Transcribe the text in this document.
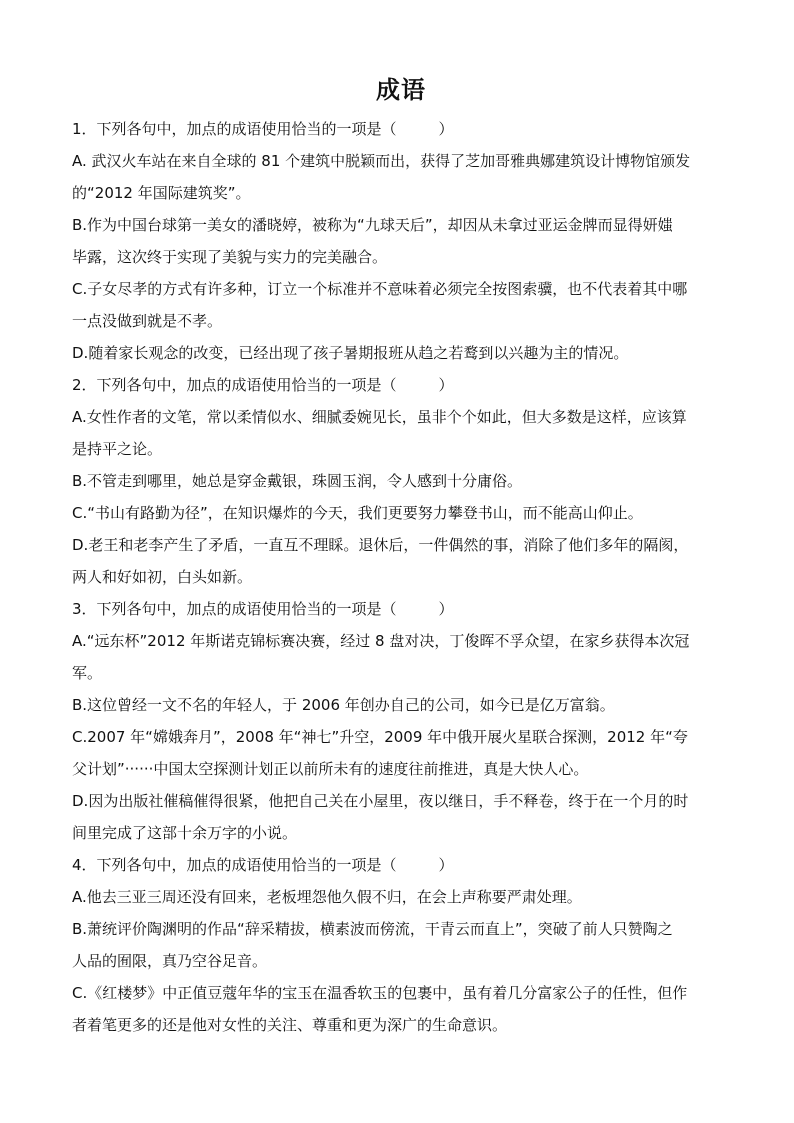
成语
1．下列各句中，加点的成语使用恰当的一项是（	）
A. 武汉火车站在来自全球的 81 个建筑中脱颖而出，获得了芝加哥雅典娜建筑设计博物馆颁发
的“2012 年国际建筑奖”。
B.作为中国台球第一美女的潘晓婷，被称为“九球天后”，却因从未拿过亚运金牌而显得妍媸
毕露，这次终于实现了美貌与实力的完美融合。
C.子女尽孝的方式有许多种，订立一个标准并不意味着必须完全按图索骥，也不代表着其中哪
一点没做到就是不孝。
D.随着家长观念的改变，已经出现了孩子暑期报班从趋之若鹜到以兴趣为主的情况。
2．下列各句中，加点的成语使用恰当的一项是（	）
A.女性作者的文笔，常以柔情似水、细腻委婉见长，虽非个个如此，但大多数是这样，应该算
是持平之论。
B.不管走到哪里，她总是穿金戴银，珠圆玉润，令人感到十分庸俗。
C.“书山有路勤为径”，在知识爆炸的今天，我们更要努力攀登书山，而不能高山仰止。
D.老王和老李产生了矛盾，一直互不理睬。退休后，一件偶然的事，消除了他们多年的隔阂，
两人和好如初，白头如新。
3．下列各句中，加点的成语使用恰当的一项是（	）
A.“远东杯”2012 年斯诺克锦标赛决赛，经过 8 盘对决，丁俊晖不孚众望，在家乡获得本次冠
军。
B.这位曾经一文不名的年轻人，于 2006 年创办自己的公司，如今已是亿万富翁。
C.2007 年“嫦娥奔月”，2008 年“神七”升空，2009 年中俄开展火星联合探测，2012 年“夸
父计划”······中国太空探测计划正以前所未有的速度往前推进，真是大快人心。
D.因为出版社催稿催得很紧，他把自己关在小屋里，夜以继日，手不释卷，终于在一个月的时
间里完成了这部十余万字的小说。
4．下列各句中，加点的成语使用恰当的一项是（	）
A.他去三亚三周还没有回来，老板埋怨他久假不归，在会上声称要严肃处理。
B.萧统评价陶渊明的作品“辞采精拔，横素波而傍流，干青云而直上”，突破了前人只赞陶之
人品的囿限，真乃空谷足音。
C.《红楼梦》中正值豆蔻年华的宝玉在温香软玉的包裹中，虽有着几分富家公子的任性，但作
者着笔更多的还是他对女性的关注、尊重和更为深广的生命意识。
